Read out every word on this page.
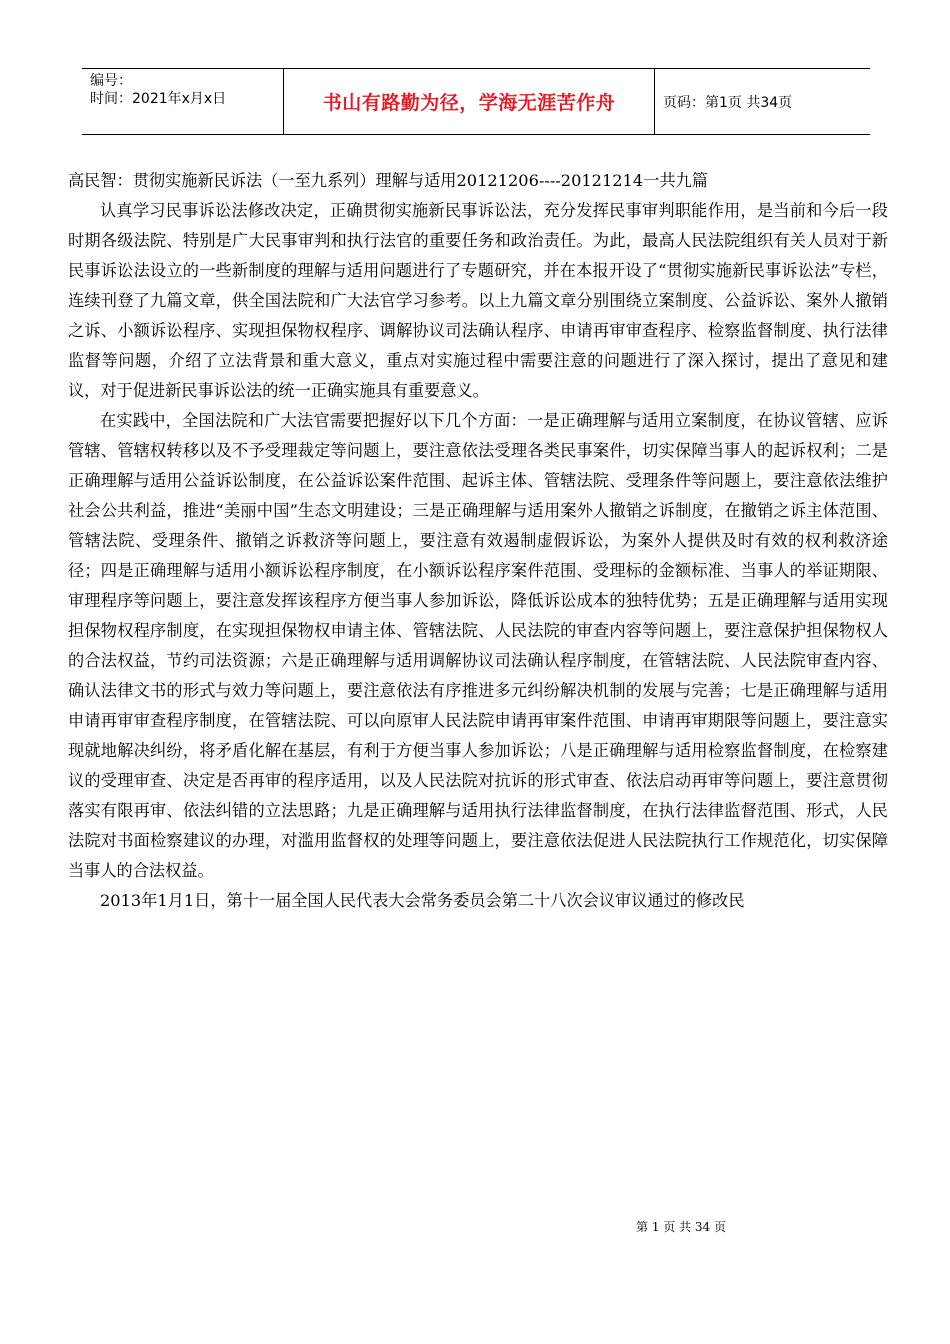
编号：
时间：2021年x月x日	书山有路勤为径，学海无涯苦作舟	页码：第1页 共34页

高民智：贯彻实施新民诉法（一至九系列）理解与适用20121206----20121214一共九篇

认真学习民事诉讼法修改决定，正确贯彻实施新民事诉讼法，充分发挥民事审判职能作用，是当前和今后一段时期各级法院、特别是广大民事审判和执行法官的重要任务和政治责任。为此，最高人民法院组织有关人员对于新民事诉讼法设立的一些新制度的理解与适用问题进行了专题研究，并在本报开设了“贯彻实施新民事诉讼法”专栏，连续刊登了九篇文章，供全国法院和广大法官学习参考。以上九篇文章分别围绕立案制度、公益诉讼、案外人撤销之诉、小额诉讼程序、实现担保物权程序、调解协议司法确认程序、申请再审审查程序、检察监督制度、执行法律监督等问题，介绍了立法背景和重大意义，重点对实施过程中需要注意的问题进行了深入探讨，提出了意见和建议，对于促进新民事诉讼法的统一正确实施具有重要意义。

在实践中，全国法院和广大法官需要把握好以下几个方面：一是正确理解与适用立案制度，在协议管辖、应诉管辖、管辖权转移以及不予受理裁定等问题上，要注意依法受理各类民事案件，切实保障当事人的起诉权利；二是正确理解与适用公益诉讼制度，在公益诉讼案件范围、起诉主体、管辖法院、受理条件等问题上，要注意依法维护社会公共利益，推进“美丽中国”生态文明建设；三是正确理解与适用案外人撤销之诉制度，在撤销之诉主体范围、管辖法院、受理条件、撤销之诉救济等问题上，要注意有效遏制虚假诉讼，为案外人提供及时有效的权利救济途径；四是正确理解与适用小额诉讼程序制度，在小额诉讼程序案件范围、受理标的金额标准、当事人的举证期限、审理程序等问题上，要注意发挥该程序方便当事人参加诉讼，降低诉讼成本的独特优势；五是正确理解与适用实现担保物权程序制度，在实现担保物权申请主体、管辖法院、人民法院的审查内容等问题上，要注意保护担保物权人的合法权益，节约司法资源；六是正确理解与适用调解协议司法确认程序制度，在管辖法院、人民法院审查内容、确认法律文书的形式与效力等问题上，要注意依法有序推进多元纠纷解决机制的发展与完善；七是正确理解与适用申请再审审查程序制度，在管辖法院、可以向原审人民法院申请再审案件范围、申请再审期限等问题上，要注意实现就地解决纠纷，将矛盾化解在基层，有利于方便当事人参加诉讼；八是正确理解与适用检察监督制度，在检察建议的受理审查、决定是否再审的程序适用，以及人民法院对抗诉的形式审查、依法启动再审等问题上，要注意贯彻落实有限再审、依法纠错的立法思路；九是正确理解与适用执行法律监督制度，在执行法律监督范围、形式，人民法院对书面检察建议的办理，对滥用监督权的处理等问题上，要注意依法促进人民法院执行工作规范化，切实保障当事人的合法权益。

2013年1月1日，第十一届全国人民代表大会常务委员会第二十八次会议审议通过的修改民

第 1 页 共 34 页
